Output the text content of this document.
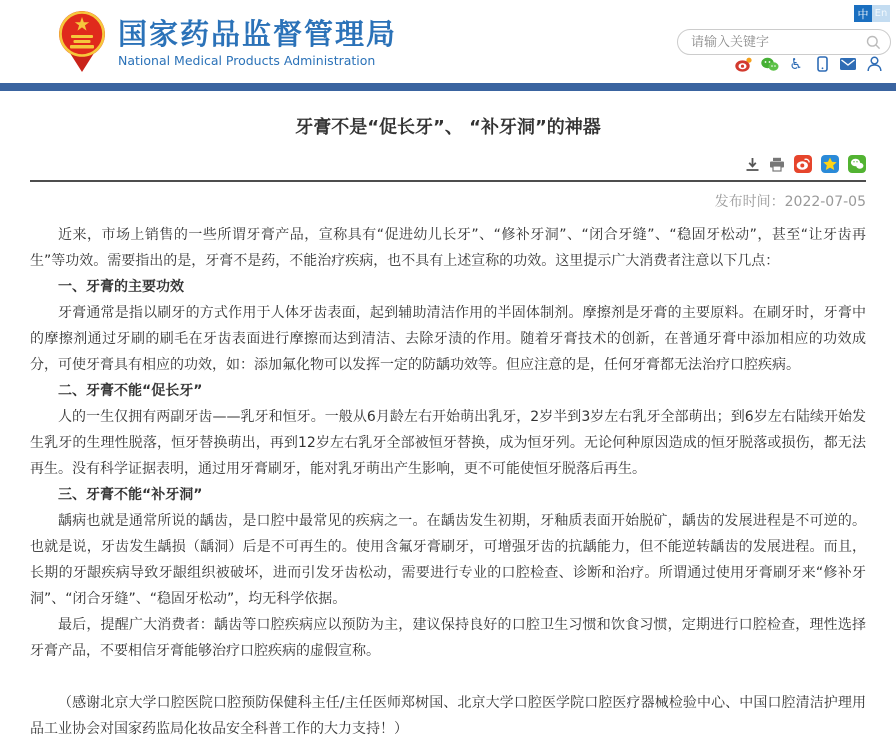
国家药品监督管理局
National Medical Products Administration
中 En
请输入关键字
♿
牙膏不是“促长牙”、 “补牙洞”的神器
发布时间：2022-07-05
近来，市场上销售的一些所谓牙膏产品，宣称具有“促进幼儿长牙”、“修补牙洞”、“闭合牙缝”、“稳固牙松动”，甚至“让牙齿再生”等功效。需要指出的是，牙膏不是药，不能治疗疾病，也不具有上述宣称的功效。这里提示广大消费者注意以下几点：
一、牙膏的主要功效
牙膏通常是指以刷牙的方式作用于人体牙齿表面，起到辅助清洁作用的半固体制剂。摩擦剂是牙膏的主要原料。在刷牙时，牙膏中的摩擦剂通过牙刷的刷毛在牙齿表面进行摩擦而达到清洁、去除牙渍的作用。随着牙膏技术的创新，在普通牙膏中添加相应的功效成分，可使牙膏具有相应的功效，如：添加氟化物可以发挥一定的防龋功效等。但应注意的是，任何牙膏都无法治疗口腔疾病。
二、牙膏不能“促长牙”
人的一生仅拥有两副牙齿——乳牙和恒牙。一般从6月龄左右开始萌出乳牙，2岁半到3岁左右乳牙全部萌出；到6岁左右陆续开始发生乳牙的生理性脱落，恒牙替换萌出，再到12岁左右乳牙全部被恒牙替换，成为恒牙列。无论何种原因造成的恒牙脱落或损伤，都无法再生。没有科学证据表明，通过用牙膏刷牙，能对乳牙萌出产生影响，更不可能使恒牙脱落后再生。
三、牙膏不能“补牙洞”
龋病也就是通常所说的龋齿，是口腔中最常见的疾病之一。在龋齿发生初期，牙釉质表面开始脱矿，龋齿的发展进程是不可逆的。也就是说，牙齿发生龋损（龋洞）后是不可再生的。使用含氟牙膏刷牙，可增强牙齿的抗龋能力，但不能逆转龋齿的发展进程。而且，长期的牙龈疾病导致牙龈组织被破坏，进而引发牙齿松动，需要进行专业的口腔检查、诊断和治疗。所谓通过使用牙膏刷牙来“修补牙洞”、“闭合牙缝”、“稳固牙松动”，均无科学依据。
最后，提醒广大消费者：龋齿等口腔疾病应以预防为主，建议保持良好的口腔卫生习惯和饮食习惯，定期进行口腔检查，理性选择牙膏产品，不要相信牙膏能够治疗口腔疾病的虚假宣称。
（感谢北京大学口腔医院口腔预防保健科主任/主任医师郑树国、北京大学口腔医学院口腔医疗器械检验中心、中国口腔清洁护理用品工业协会对国家药监局化妆品安全科普工作的大力支持！）
